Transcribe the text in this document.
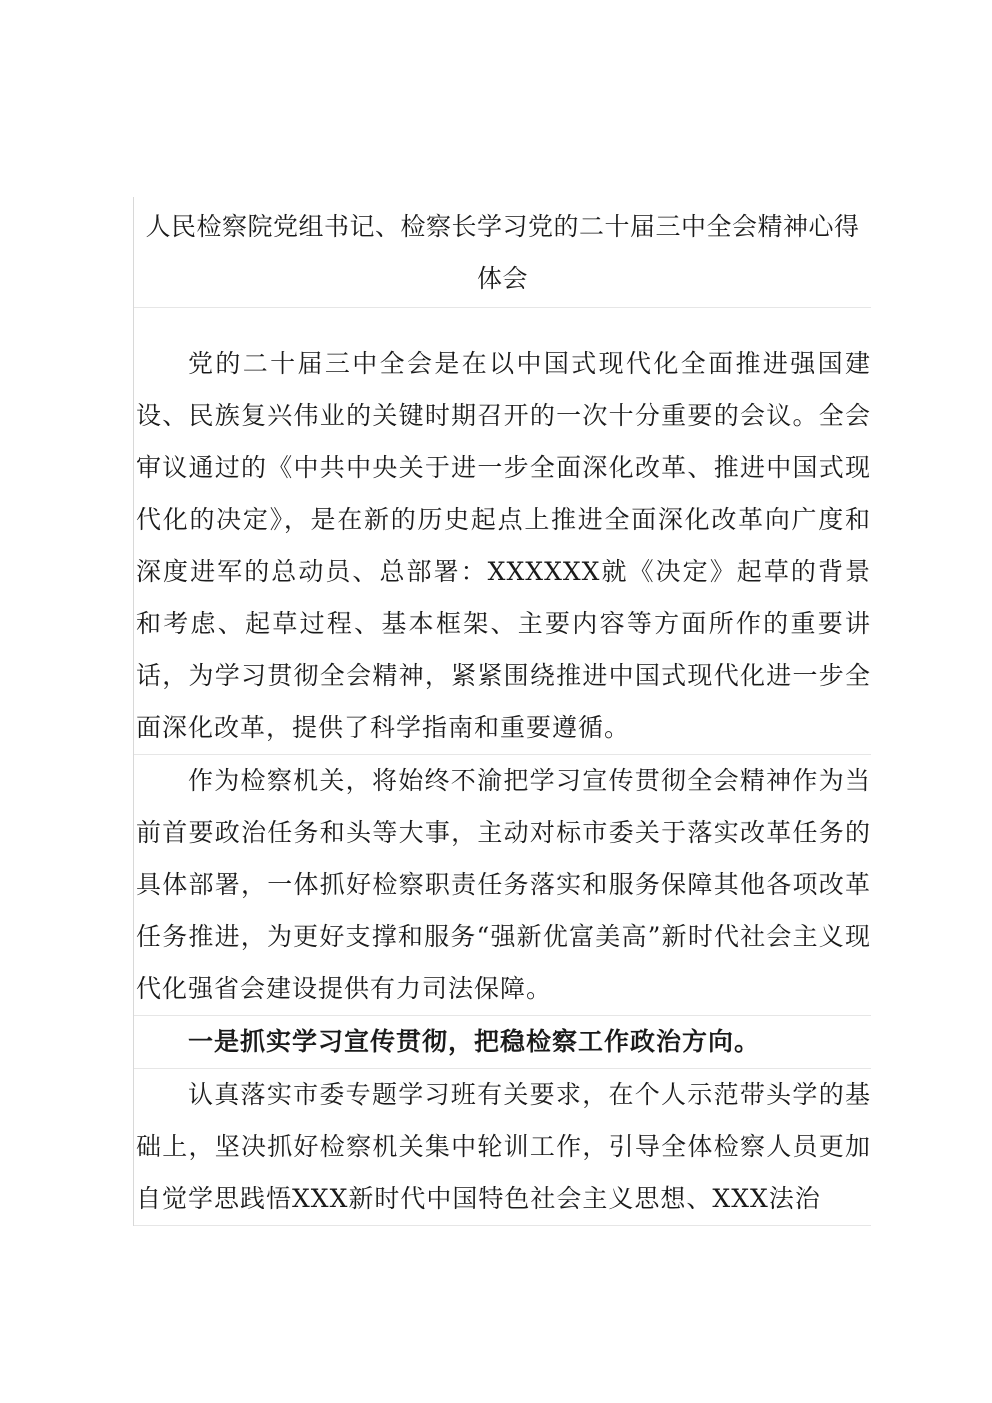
人民检察院党组书记、检察长学习党的二十届三中全会精神心得体会

党的二十届三中全会是在以中国式现代化全面推进强国建设、民族复兴伟业的关键时期召开的一次十分重要的会议。全会审议通过的《中共中央关于进一步全面深化改革、推进中国式现代化的决定》，是在新的历史起点上推进全面深化改革向广度和深度进军的总动员、总部署：XXXXXX就《决定》起草的背景和考虑、起草过程、基本框架、主要内容等方面所作的重要讲话，为学习贯彻全会精神，紧紧围绕推进中国式现代化进一步全面深化改革，提供了科学指南和重要遵循。

作为检察机关，将始终不渝把学习宣传贯彻全会精神作为当前首要政治任务和头等大事，主动对标市委关于落实改革任务的具体部署，一体抓好检察职责任务落实和服务保障其他各项改革任务推进，为更好支撑和服务“强新优富美高”新时代社会主义现代化强省会建设提供有力司法保障。

一是抓实学习宣传贯彻，把稳检察工作政治方向。

认真落实市委专题学习班有关要求，在个人示范带头学的基础上，坚决抓好检察机关集中轮训工作，引导全体检察人员更加自觉学思践悟XXX新时代中国特色社会主义思想、XXX法治
